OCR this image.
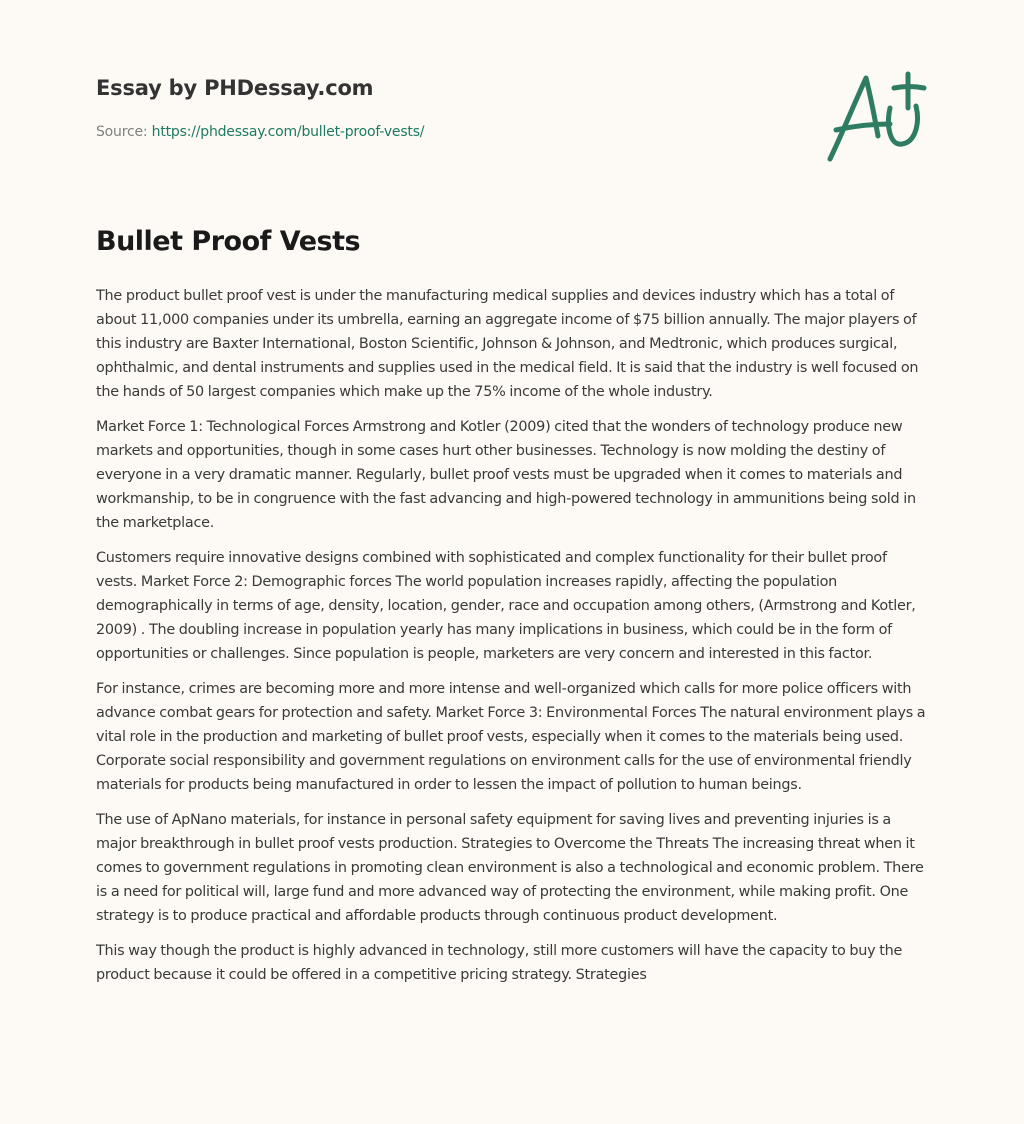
Essay by PHDessay.com
Source: https://phdessay.com/bullet-proof-vests/
Bullet Proof Vests

The product bullet proof vest is under the manufacturing medical supplies and devices industry which has a total of about 11,000 companies under its umbrella, earning an aggregate income of $75 billion annually. The major players of this industry are Baxter International, Boston Scientific, Johnson & Johnson, and Medtronic, which produces surgical, ophthalmic, and dental instruments and supplies used in the medical field. It is said that the industry is well focused on the hands of 50 largest companies which make up the 75% income of the whole industry.

Market Force 1: Technological Forces Armstrong and Kotler (2009) cited that the wonders of technology produce new markets and opportunities, though in some cases hurt other businesses. Technology is now molding the destiny of everyone in a very dramatic manner. Regularly, bullet proof vests must be upgraded when it comes to materials and workmanship, to be in congruence with the fast advancing and high-powered technology in ammunitions being sold in the marketplace.

Customers require innovative designs combined with sophisticated and complex functionality for their bullet proof vests. Market Force 2: Demographic forces The world population increases rapidly, affecting the population demographically in terms of age, density, location, gender, race and occupation among others, (Armstrong and Kotler, 2009) . The doubling increase in population yearly has many implications in business, which could be in the form of opportunities or challenges. Since population is people, marketers are very concern and interested in this factor.

For instance, crimes are becoming more and more intense and well-organized which calls for more police officers with advance combat gears for protection and safety. Market Force 3: Environmental Forces The natural environment plays a vital role in the production and marketing of bullet proof vests, especially when it comes to the materials being used. Corporate social responsibility and government regulations on environment calls for the use of environmental friendly materials for products being manufactured in order to lessen the impact of pollution to human beings.

The use of ApNano materials, for instance in personal safety equipment for saving lives and preventing injuries is a major breakthrough in bullet proof vests production. Strategies to Overcome the Threats The increasing threat when it comes to government regulations in promoting clean environment is also a technological and economic problem. There is a need for political will, large fund and more advanced way of protecting the environment, while making profit. One strategy is to produce practical and affordable products through continuous product development.

This way though the product is highly advanced in technology, still more customers will have the capacity to buy the product because it could be offered in a competitive pricing strategy. Strategies
